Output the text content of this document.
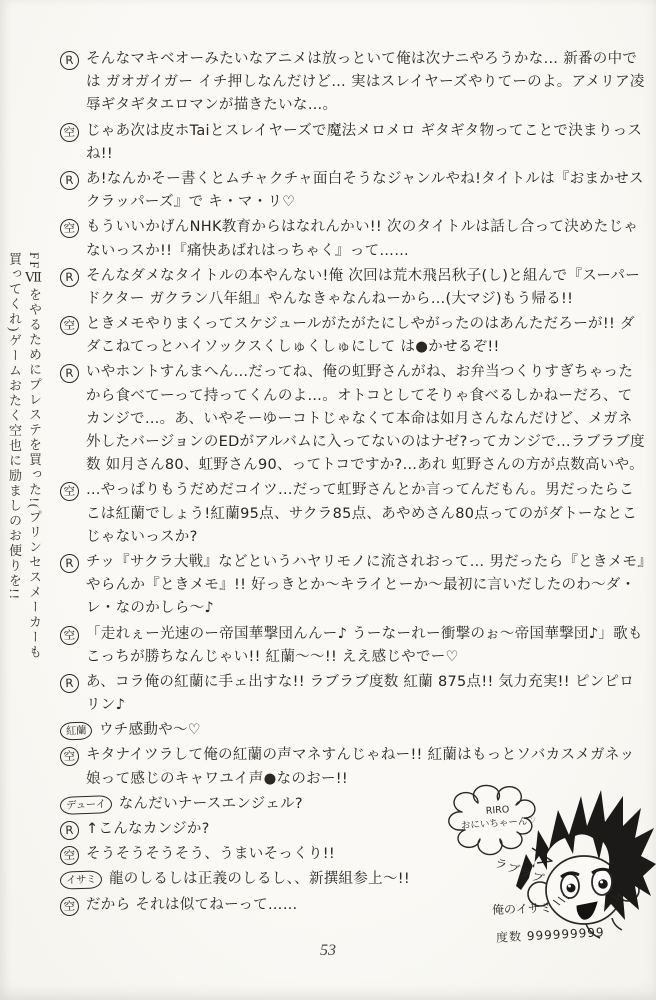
FFⅦをやるためにプレステを買った!(プリンセスメーカーも
買ってくれ)ゲームおたく空也に励ましのお便りを!!
R そんなマキベオーみたいなアニメは放っといて俺は次ナニやろうかな… 新番の中では ガオガイガー イチ押しなんだけど… 実はスレイヤーズやりてーのよ。アメリア凌辱ギタギタエロマンが描きたいな…。

空 じゃあ次は皮ホTaiとスレイヤーズで魔法メロメロ ギタギタ物ってことで決まりっスね!!

R あ!なんかそー書くとムチャクチャ面白そうなジャンルやね!タイトルは『おまかせスクラッパーズ』で キ・マ・リ♡

空 もういいかげんNHK教育からはなれんかい!! 次のタイトルは話し合って決めたじゃないっスか!!『痛快あばれはっちゃく』って……

R そんなダメなタイトルの本やんない!俺 次回は荒木飛呂秋子(し)と組んで『スーパードクター ガクラン八年組』やんなきゃなんねーから…(大マジ)もう帰る!!

空 ときメモやりまくってスケジュールがたがたにしやがったのはあんただろーが!! ダダこねてっとハイソックスくしゅくしゅにして は●かせるぞ!!

R いやホントすんまへん…だってね、俺の虹野さんがね、お弁当つくりすぎちゃったから食べてーって持ってくんのよ…。オトコとしてそりゃ食べるしかねーだろ、てカンジで…。あ、いやそーゆーコトじゃなくて本命は如月さんなんだけど、メガネ外したバージョンのEDがアルバムに入ってないのはナゼ?ってカンジで…ラブラブ度数 如月さん80、虹野さん90、ってトコですか?…あれ 虹野さんの方が点数高いや。

空 …やっぱりもうだめだコイツ…だって虹野さんとか言ってんだもん。男だったらここは紅蘭でしょう!紅蘭95点、サクラ85点、あやめさん80点ってのがダトーなとこじゃないっスか?

R チッ『サクラ大戦』などというハヤリモノに流されおって… 男だったら『ときメモ』やらんか『ときメモ』!! 好っきとか〜キライとーか〜最初に言いだしたのわ〜ダ・レ・なのかしら〜♪

空 「走れぇー光速のー帝国華撃団んんー♪ うーなーれー衝撃のぉ〜帝国華撃団♪」歌もこっちが勝ちなんじゃい!! 紅蘭〜〜!! ええ感じやでー♡

R あ、コラ俺の紅蘭に手ェ出すな!! ラブラブ度数 紅蘭 875点!! 気力充実!! ピンピロリン♪

紅蘭 ウチ感動や〜♡

空 キタナイツラして俺の紅蘭の声マネすんじゃねー!! 紅蘭はもっとソバカスメガネッ娘って感じのキャワユイ声●なのおー!!

デューイ なんだいナースエンジェル?

R ↑こんなカンジか?

空 そうそうそうそう、うまいそっくり!!

イサミ 龍のしるしは正義のしるし、、新撰組参上〜!!

空 だから それは似てねーって……

RIRO
おにいちゃーん♡
ラブラブ
俺のイサミ
度数 999999999
53
